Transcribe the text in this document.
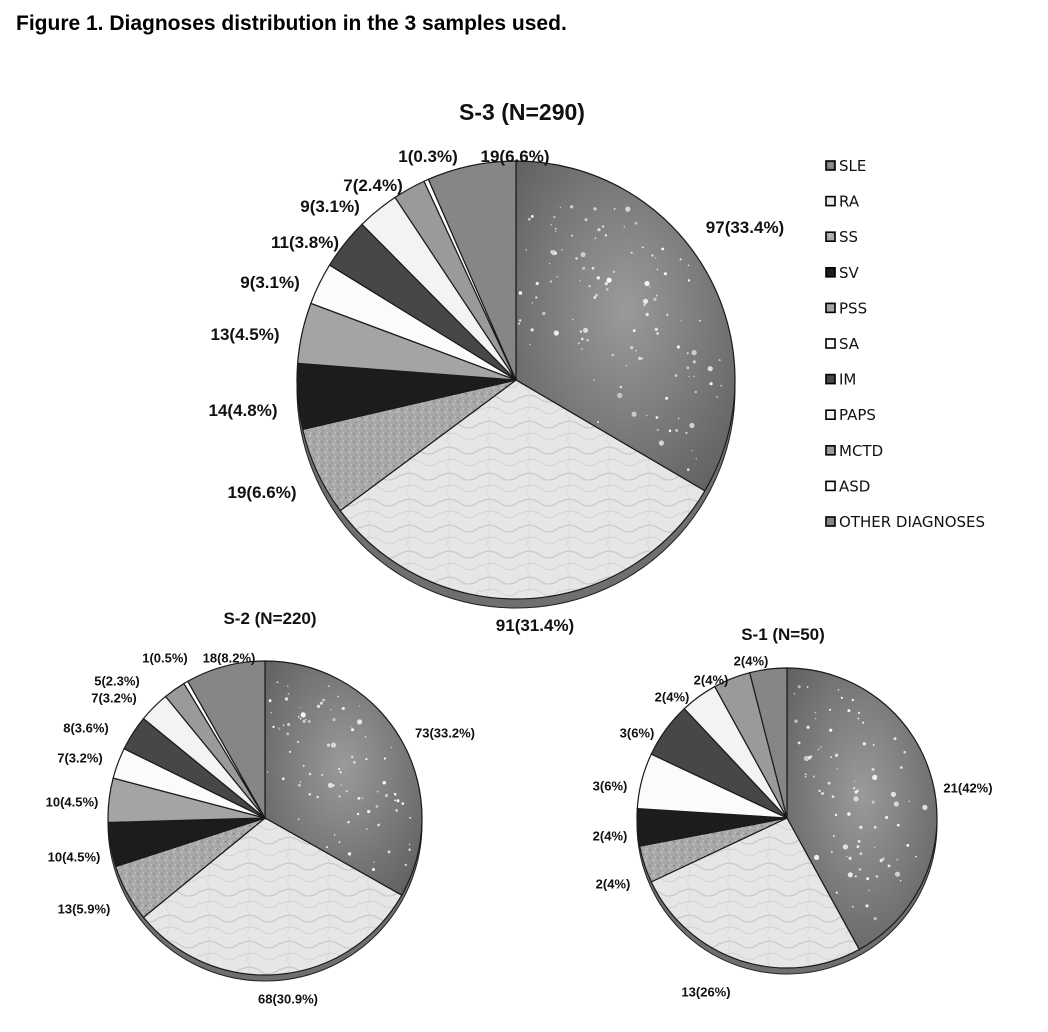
Figure 1. Diagnoses distribution in the 3 samples used.
SLE
RA
SS
SV
PSS
SA
IM
PAPS
MCTD
ASD
OTHER DIAGNOSES
S-3 (N=290)
97(33.4%)
91(31.4%)
19(6.6%)
14(4.8%)
13(4.5%)
9(3.1%)
11(3.8%)
9(3.1%)
7(2.4%)
1(0.3%) 19(6.6%)
S-2 (N=220)
73(33.2%)
68(30.9%)
13(5.9%)
10(4.5%)
10(4.5%)
7(3.2%)
8(3.6%)
7(3.2%)
5(2.3%)
1(0.5%) 18(8.2%)
S-1 (N=50)
21(42%)
13(26%)
2(4%)
2(4%)
3(6%)
3(6%)
2(4%)
2(4%)
2(4%)
